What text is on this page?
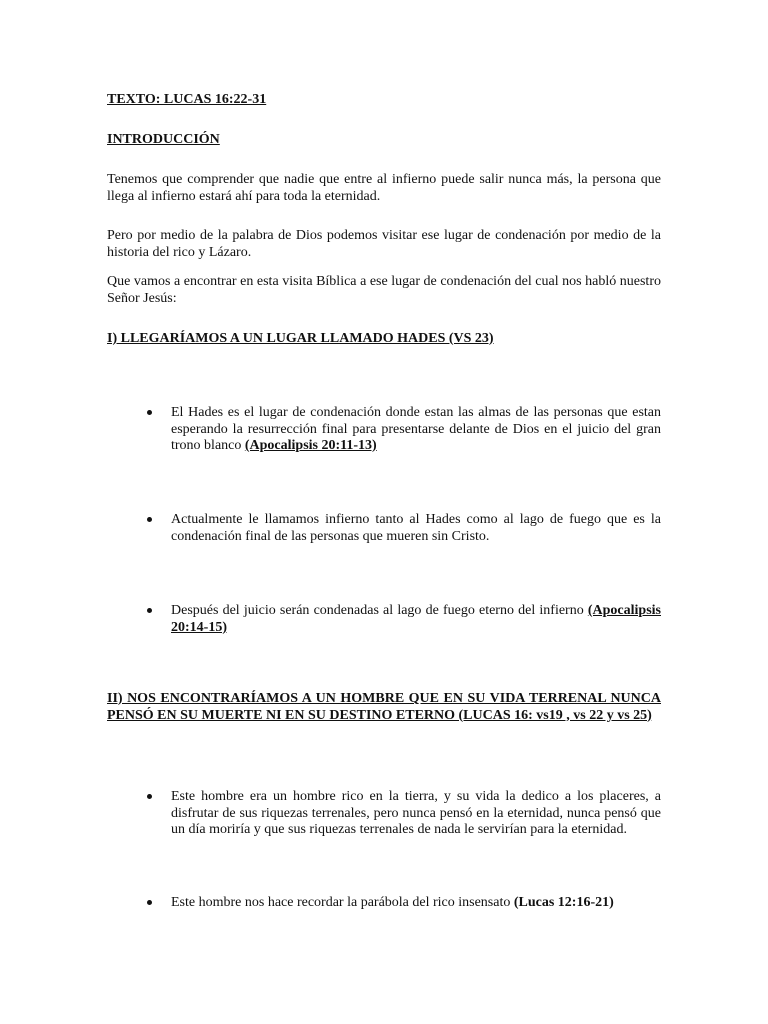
TEXTO: LUCAS 16:22-31

INTRODUCCIÓN

Tenemos que comprender que nadie que entre al infierno puede salir nunca más, la persona que llega al infierno estará ahí para toda la eternidad.

Pero por medio de la palabra de Dios podemos visitar ese lugar de condenación por medio de la historia del rico y Lázaro.

Que vamos a encontrar en esta visita Bíblica a ese lugar de condenación del cual nos habló nuestro Señor Jesús:

I) LLEGARÍAMOS A UN LUGAR LLAMADO HADES (VS 23)

El Hades es el lugar de condenación donde estan las almas de las personas que estan esperando la resurrección final para presentarse delante de Dios en el juicio del gran trono blanco (Apocalipsis 20:11-13)
Actualmente le llamamos infierno tanto al Hades como al lago de fuego que es la condenación final de las personas que mueren sin Cristo.
Después del juicio serán condenadas al lago de fuego eterno del infierno (Apocalipsis 20:14-15)

II) NOS ENCONTRARÍAMOS A UN HOMBRE QUE EN SU VIDA TERRENAL NUNCA PENSÓ EN SU MUERTE NI EN SU DESTINO ETERNO (LUCAS 16: vs19 , vs 22 y vs 25)

Este hombre era un hombre rico en la tierra, y su vida la dedico a los placeres, a disfrutar de sus riquezas terrenales, pero nunca pensó en la eternidad, nunca pensó que un día moriría y que sus riquezas terrenales de nada le servirían para la eternidad.
Este hombre nos hace recordar la parábola del rico insensato (Lucas 12:16-21)
